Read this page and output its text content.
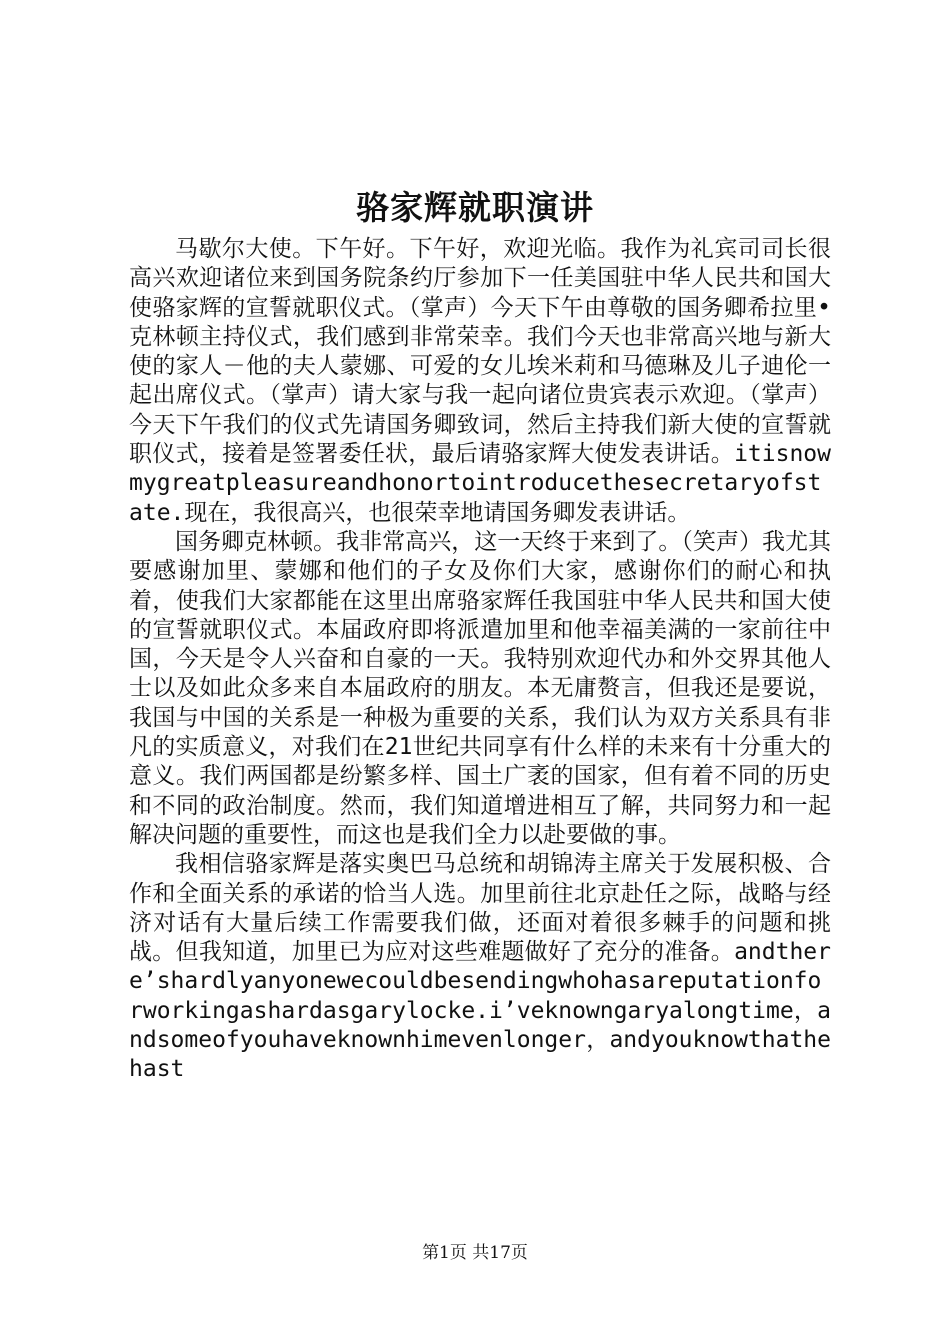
骆家辉就职演讲

马歇尔大使。下午好。下午好，欢迎光临。我作为礼宾司司长很高兴欢迎诸位来到国务院条约厅参加下一任美国驻中华人民共和国大使骆家辉的宣誓就职仪式。（掌声）今天下午由尊敬的国务卿希拉里•克林顿主持仪式，我们感到非常荣幸。我们今天也非常高兴地与新大使的家人－他的夫人蒙娜、可爱的女儿埃米莉和马德琳及儿子迪伦一起出席仪式。（掌声）请大家与我一起向诸位贵宾表示欢迎。（掌声）今天下午我们的仪式先请国务卿致词，然后主持我们新大使的宣誓就职仪式，接着是签署委任状，最后请骆家辉大使发表讲话。itisnowmygreatpleasureandhonortointroducethesecretaryofstate.现在，我很高兴，也很荣幸地请国务卿发表讲话。

国务卿克林顿。我非常高兴，这一天终于来到了。（笑声）我尤其要感谢加里、蒙娜和他们的子女及你们大家，感谢你们的耐心和执着，使我们大家都能在这里出席骆家辉任我国驻中华人民共和国大使的宣誓就职仪式。本届政府即将派遣加里和他幸福美满的一家前往中国，今天是令人兴奋和自豪的一天。我特别欢迎代办和外交界其他人士以及如此众多来自本届政府的朋友。本无庸赘言，但我还是要说，我国与中国的关系是一种极为重要的关系，我们认为双方关系具有非凡的实质意义，对我们在21世纪共同享有什么样的未来有十分重大的意义。我们两国都是纷繁多样、国土广袤的国家，但有着不同的历史和不同的政治制度。然而，我们知道增进相互了解，共同努力和一起解决问题的重要性，而这也是我们全力以赴要做的事。

我相信骆家辉是落实奥巴马总统和胡锦涛主席关于发展积极、合作和全面关系的承诺的恰当人选。加里前往北京赴任之际，战略与经济对话有大量后续工作需要我们做，还面对着很多棘手的问题和挑战。但我知道，加里已为应对这些难题做好了充分的准备。andthere’shardlyanyonewecouldbesendingwhohasareputationforworkingashardasgarylocke.i’veknowngaryalongtime，andsomeofyouhaveknownhimevenlonger，andyouknowthathehast

第1页 共17页
